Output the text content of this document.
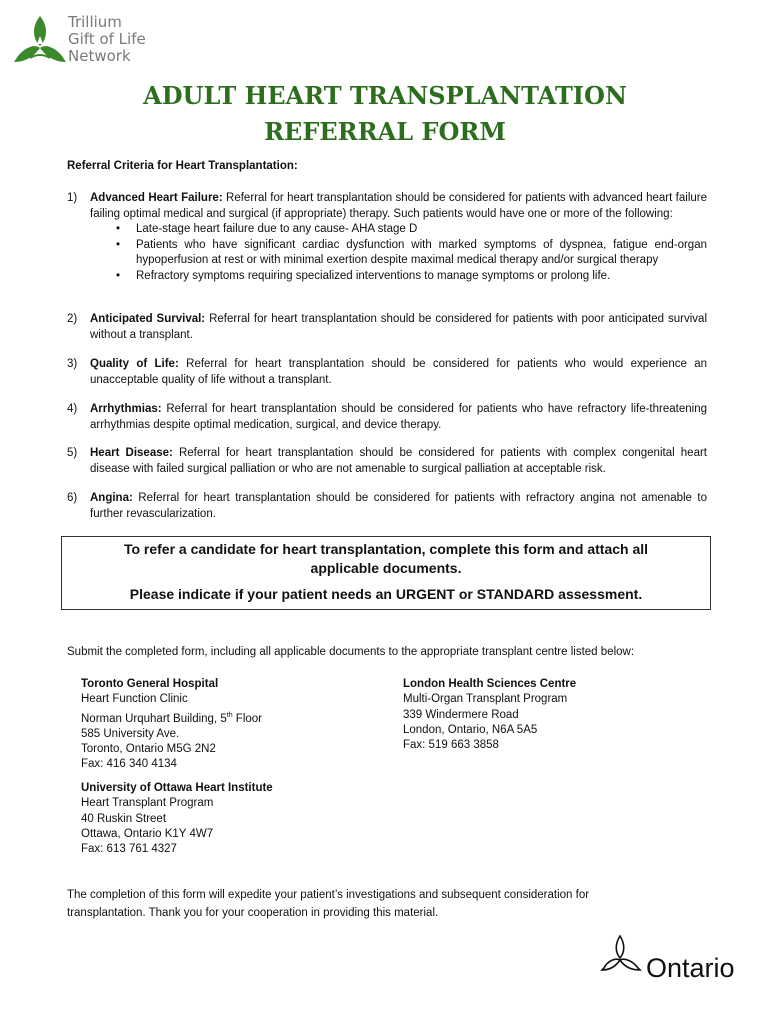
Trillium
Gift of Life
Network
ADULT HEART TRANSPLANTATION
REFERRAL FORM
Referral Criteria for Heart Transplantation:
1) Advanced Heart Failure: Referral for heart transplantation should be considered for patients with advanced heart failure failing optimal medical and surgical (if appropriate) therapy. Such patients would have one or more of the following:
• Late-stage heart failure due to any cause- AHA stage D
• Patients who have significant cardiac dysfunction with marked symptoms of dyspnea, fatigue end-organ hypoperfusion at rest or with minimal exertion despite maximal medical therapy and/or surgical therapy
• Refractory symptoms requiring specialized interventions to manage symptoms or prolong life.
2) Anticipated Survival: Referral for heart transplantation should be considered for patients with poor anticipated survival without a transplant.
3) Quality of Life: Referral for heart transplantation should be considered for patients who would experience an unacceptable quality of life without a transplant.
4) Arrhythmias: Referral for heart transplantation should be considered for patients who have refractory life-threatening arrhythmias despite optimal medication, surgical, and device therapy.
5) Heart Disease: Referral for heart transplantation should be considered for patients with complex congenital heart disease with failed surgical palliation or who are not amenable to surgical palliation at acceptable risk.
6) Angina: Referral for heart transplantation should be considered for patients with refractory angina not amenable to further revascularization.
To refer a candidate for heart transplantation, complete this form and attach all
applicable documents.
Please indicate if your patient needs an URGENT or STANDARD assessment.
Submit the completed form, including all applicable documents to the appropriate transplant centre listed below:
Toronto General Hospital
Heart Function Clinic
Norman Urquhart Building, 5th Floor
585 University Ave.
Toronto, Ontario M5G 2N2
Fax: 416 340 4134
London Health Sciences Centre
Multi-Organ Transplant Program
339 Windermere Road
London, Ontario, N6A 5A5
Fax: 519 663 3858
University of Ottawa Heart Institute
Heart Transplant Program
40 Ruskin Street
Ottawa, Ontario K1Y 4W7
Fax: 613 761 4327
The completion of this form will expedite your patient’s investigations and subsequent consideration for
transplantation. Thank you for your cooperation in providing this material.
Ontario
